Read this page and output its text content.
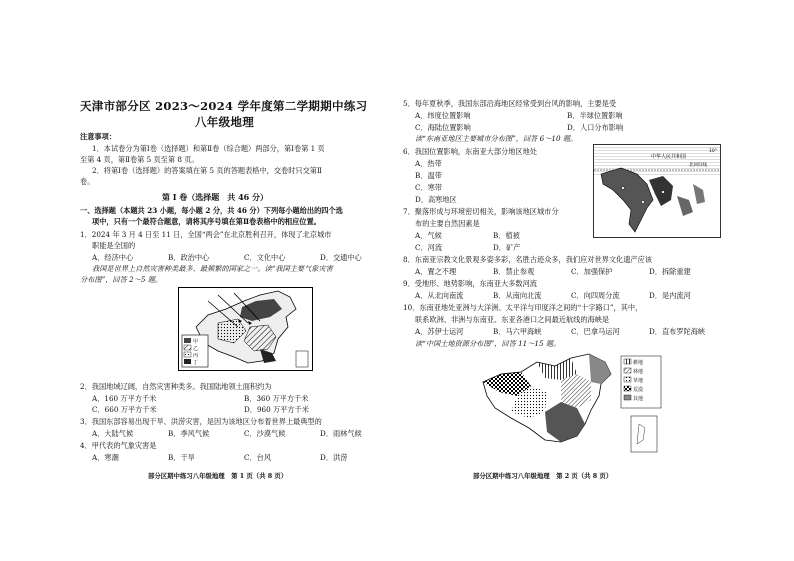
天津市部分区 2023～2024 学年度第二学期期中练习
八年级地理
注意事项：
1．本试卷分为第Ⅰ卷（选择题）和第Ⅱ卷（综合题）两部分，第Ⅰ卷第 1 页
至第 4 页，第Ⅱ卷第 5 页至第 8 页。
2．将第Ⅰ卷（选择题）的答案填在第 5 页的答题表格中，交卷时只交第Ⅱ
卷。
第 Ⅰ 卷（选择题　共 46 分）
一、选择题（本题共 23 小题，每小题 2 分，共 46 分）下列每小题给出的四个选
项中，只有一个最符合题意，请将其序号填在第Ⅱ卷表格中的相应位置。
1．2024 年 3 月 4 日至 11 日，全国“两会”在北京胜利召开，体现了北京城市
职能是全国的
A．经济中心	B．政治中心	C．文化中心	D．交通中心
我国是世界上自然灾害种类最多、最频繁的国家之一。读“我国主要气象灾害
分布图”，回答 2～5 题。
甲
乙
丙
丁
2．我国地域辽阔，自然灾害种类多。我国陆地领土面积约为
A．160 万平方千米	B．360 万平方千米
C．660 万平方千米	D．960 万平方千米
3．我国东部容易出现干旱、洪涝灾害，是因为该地区分布着世界上最典型的
A．大陆气候	B．季风气候	C．沙漠气候	D．雨林气候
4．甲代表的气象灾害是
A．寒潮	B．干旱	C．台风	D．洪涝
部分区期中练习八年级地理　第 1 页（共 8 页）
5．每年夏秋季，我国东部沿海地区经常受到台风的影响，主要是受
A．纬度位置影响	B．半球位置影响
C．海陆位置影响	D．人口分布影响
读“东南亚地区主要城市分布图”，回答 6～10 题。
6．我国位置影响，东南亚大部分地区地处
A．热带
B．温带
C．寒带
D．高寒地区
中华人民共和国
北回归线
10°
7．聚落形成与环境密切相关，影响该地区城市分
布的主要自然因素是
A．气候	B．植被
C．河流	D．矿产
8．东南亚宗教文化景观多姿多彩，名胜古迹众多，我们应对世界文化遗产应该
A．置之不理	B．禁止参观	C．加强保护	D．拆除重建
9．受地形、地势影响，东南亚大多数河流
A．从北向南流	B．从南向北流	C．向四周分流	D．是内流河
10．东南亚地处亚洲与大洋洲、太平洋与印度洋之间的“十字路口”，其中，
联系欧洲、非洲与东南亚、东亚各港口之间最近航线的海峡是
A．苏伊士运河	B．马六甲海峡	C．巴拿马运河	D．直布罗陀海峡
读“中国土地资源分布图”，回答 11～15 题。
耕地
林地
草地
荒漠
其他
部分区期中练习八年级地理　第 2 页（共 8 页）
